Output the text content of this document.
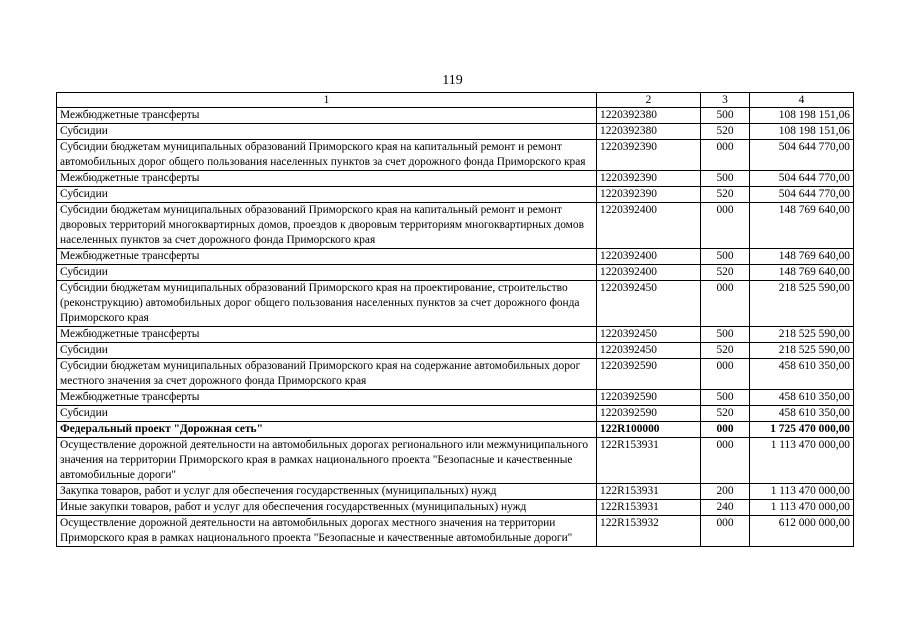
119
1	2	3	4
Межбюджетные трансферты	1220392380	500	108 198 151,06
Субсидии	1220392380	520	108 198 151,06
Субсидии бюджетам муниципальных образований Приморского края на капитальный ремонт и ремонт автомобильных дорог общего пользования населенных пунктов за счет дорожного фонда Приморского края	1220392390	000	504 644 770,00
Межбюджетные трансферты	1220392390	500	504 644 770,00
Субсидии	1220392390	520	504 644 770,00
Субсидии бюджетам муниципальных образований Приморского края на капитальный ремонт и ремонт дворовых территорий многоквартирных домов, проездов к дворовым территориям многоквартирных домов населенных пунктов за счет дорожного фонда Приморского края	1220392400	000	148 769 640,00
Межбюджетные трансферты	1220392400	500	148 769 640,00
Субсидии	1220392400	520	148 769 640,00
Субсидии бюджетам муниципальных образований Приморского края на проектирование, строительство (реконструкцию) автомобильных дорог общего пользования населенных пунктов за счет дорожного фонда Приморского края	1220392450	000	218 525 590,00
Межбюджетные трансферты	1220392450	500	218 525 590,00
Субсидии	1220392450	520	218 525 590,00
Субсидии бюджетам муниципальных образований Приморского края на содержание автомобильных дорог местного значения за счет дорожного фонда Приморского края	1220392590	000	458 610 350,00
Межбюджетные трансферты	1220392590	500	458 610 350,00
Субсидии	1220392590	520	458 610 350,00
Федеральный проект "Дорожная сеть"	122R100000	000	1 725 470 000,00
Осуществление дорожной деятельности на автомобильных дорогах регионального или межмуниципального значения на территории Приморского края в рамках национального проекта "Безопасные и качественные автомобильные дороги"	122R153931	000	1 113 470 000,00
Закупка товаров, работ и услуг для обеспечения государственных (муниципальных) нужд	122R153931	200	1 113 470 000,00
Иные закупки товаров, работ и услуг для обеспечения государственных (муниципальных) нужд	122R153931	240	1 113 470 000,00
Осуществление дорожной деятельности на автомобильных дорогах местного значения на территории Приморского края в рамках национального проекта "Безопасные и качественные автомобильные дороги"	122R153932	000	612 000 000,00
